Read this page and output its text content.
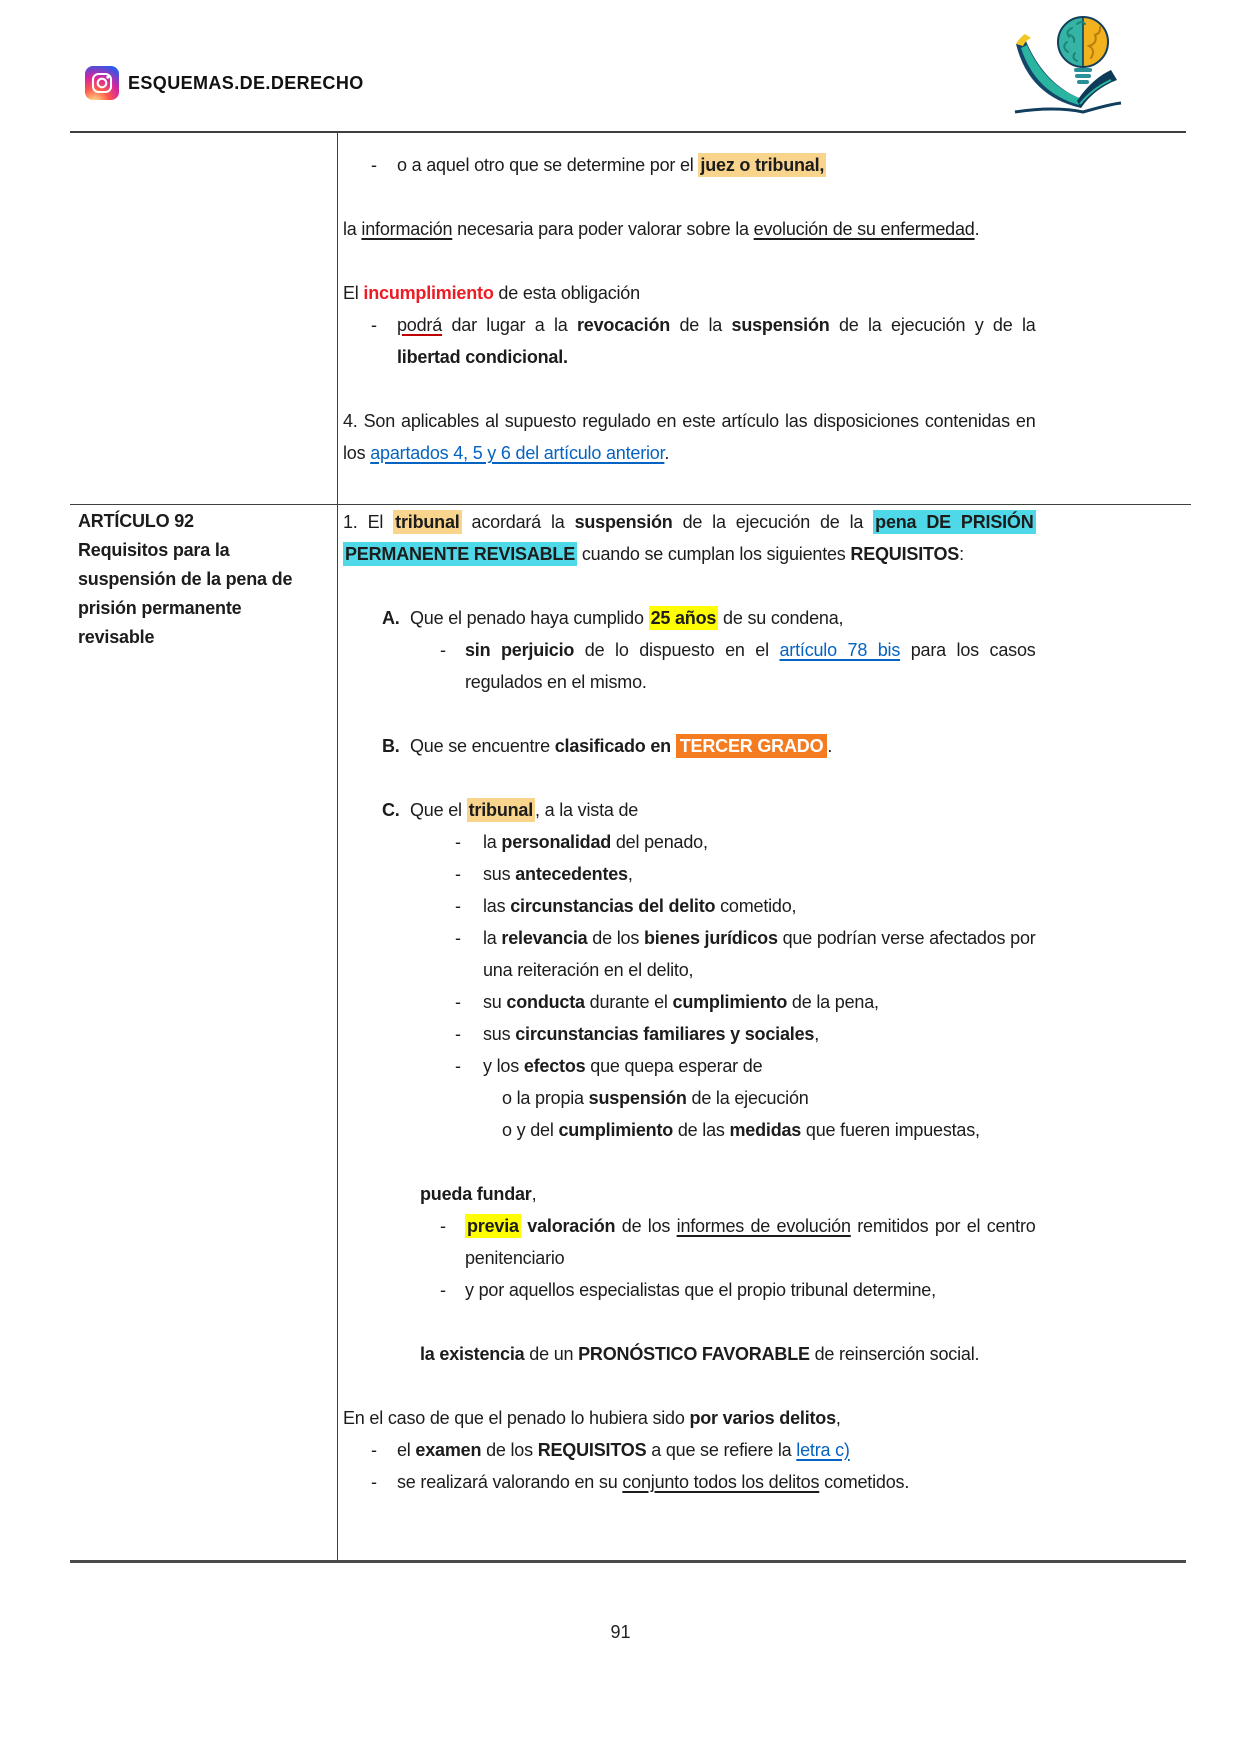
ESQUEMAS.DE.DERECHO
- o a aquel otro que se determine por el juez o tribunal,

la información necesaria para poder valorar sobre la evolución de su enfermedad.

El incumplimiento de esta obligación
- podrá dar lugar a la revocación de la suspensión de la ejecución y de la
libertad condicional.

4. Son aplicables al supuesto regulado en este artículo las disposiciones contenidas en
los apartados 4, 5 y 6 del artículo anterior.
ARTÍCULO 92
Requisitos para la
suspensión de la pena de
prisión permanente
revisable
1. El tribunal acordará la suspensión de la ejecución de la pena DE PRISIÓN
PERMANENTE REVISABLE cuando se cumplan los siguientes REQUISITOS:

A. Que el penado haya cumplido 25 años de su condena,
- sin perjuicio de lo dispuesto en el artículo 78 bis para los casos
regulados en el mismo.

B. Que se encuentre clasificado en TERCER GRADO .

C. Que el tribunal , a la vista de
- la personalidad del penado,
- sus antecedentes,
- las circunstancias del delito cometido,
- la relevancia de los bienes jurídicos que podrían verse afectados por
una reiteración en el delito,
- su conducta durante el cumplimiento de la pena,
- sus circunstancias familiares y sociales,
- y los efectos que quepa esperar de
o la propia suspensión de la ejecución
o y del cumplimiento de las medidas que fueren impuestas,

pueda fundar,
- previa valoración de los informes de evolución remitidos por el centro
penitenciario
- y por aquellos especialistas que el propio tribunal determine,

la existencia de un PRONÓSTICO FAVORABLE de reinserción social.

En el caso de que el penado lo hubiera sido por varios delitos,
- el examen de los REQUISITOS a que se refiere la letra c)
- se realizará valorando en su conjunto todos los delitos cometidos.
91
